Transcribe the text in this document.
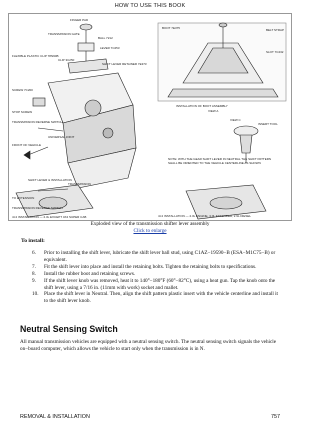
HOW TO USE THIS BOOK
FINGER PAD
TRANSMISSION GATE
BALL 7212
LEVER 7C253
FLEXIBLE PLASTIC CLIP 78N90B
CLIP 3C250
SCREW 7C200
SHIFT LEVER RETAINER 7E373
TRANSMISSION REVERSE SWITCH
UNIVERSAL JOINT
FRONT OF VEHICLE
STOP SCREW
SHIFT LEVER & INSTALLATION
BOOT 7E375	BELT STRAP
SLOT 7C232
INSTALLATION OF BOOT ASSEMBLY
VIEW A
VIEW C
INSERT TOOL
NOTE: WITH THE GEAR SHIFT LEVER IN NEUTRAL THE SHIFT PATTERN SHALL BE ORIENTED TO THE VEHICLE CENTERLINE AS SHOWN
TRANSMISSION
TO EXTENSION
TRANSMISSION REVERSE SWITCH
4×4 INSTALLATION — 2.3L EXCEPT 4X4 SUPER CAB	4×4 INSTALLATION — 2.3L ENGINE, 3.0L EXTENDED, 2.9L DIESEL
Exploded view of the transmission shifter lever assembly
Click to enlarge
To install:
6. Prior to installing the shift lever, lubricate the shift lever ball stud, using C1AZ−19590−B (ESA−M1C75−B) or equivalent.
7. Fit the shift lever into place and install the retaining bolts. Tighten the retaining bolts to specifications.
8. Install the rubber boot and retaining screws.
9. If the shift lever knob was removed, heat it to 140°−180°F (60°−82°C), using a heat gun. Tap the knob onto the shift lever, using a 7/16 in. (11mm with work) socket and mallet.
10. Place the shift lever in Neutral. Then, align the shift pattern plastic insert with the vehicle centerline and install it to the shift lever knob.
Neutral Sensing Switch
All manual transmission vehicles are equipped with a neutral sensing switch. The neutral sensing switch signals the vehicle on−board computer, which allows the vehicle to start only when the transmission is in N.
REMOVAL & INSTALLATION	757
